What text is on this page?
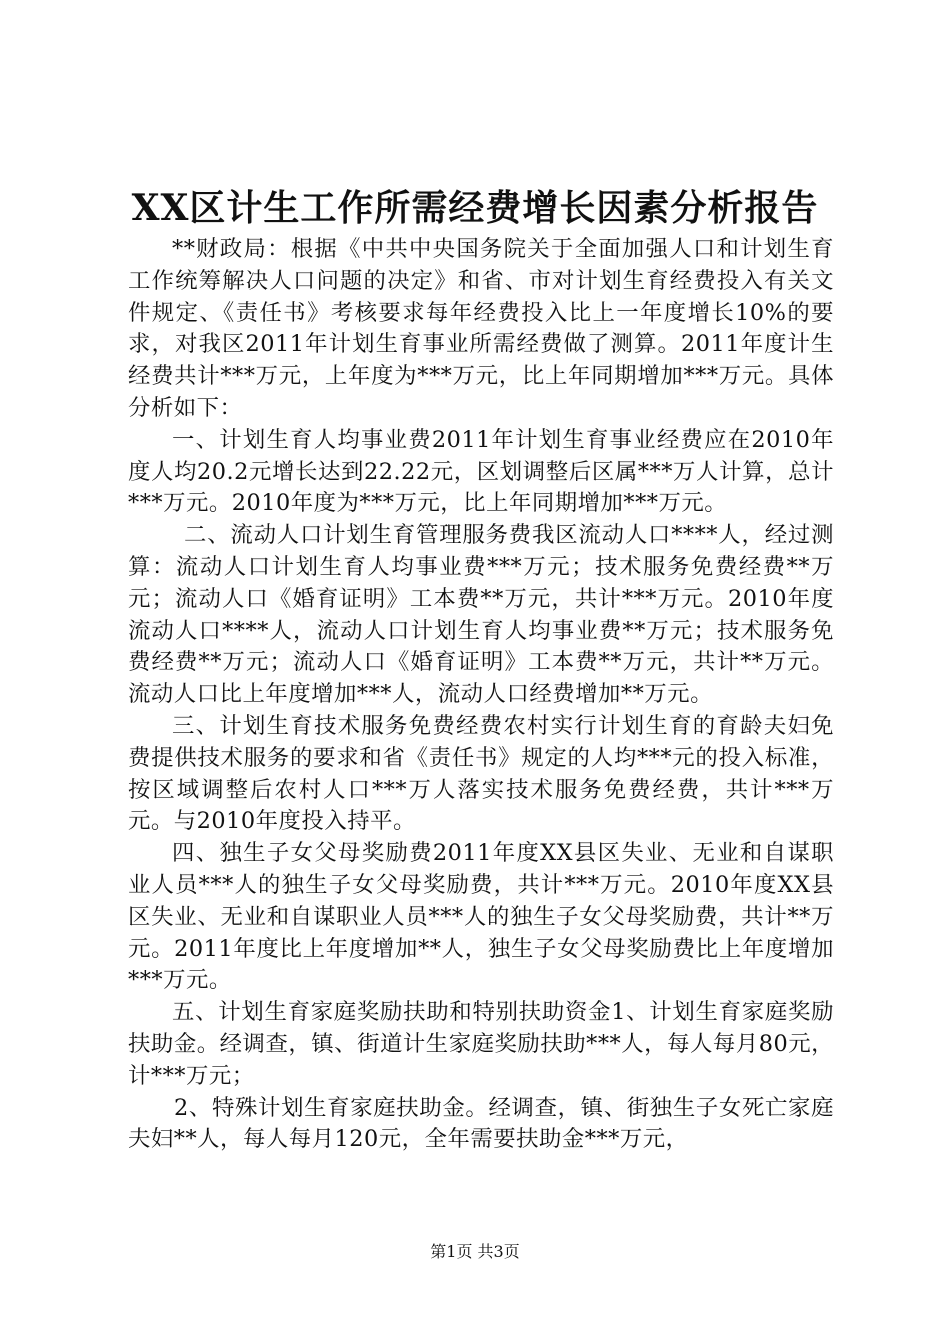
XX区计生工作所需经费增长因素分析报告

**财政局：根据《中共中央国务院关于全面加强人口和计划生育工作统筹解决人口问题的决定》和省、市对计划生育经费投入有关文件规定、《责任书》考核要求每年经费投入比上一年度增长10%的要求，对我区2011年计划生育事业所需经费做了测算。2011年度计生经费共计***万元，上年度为***万元，比上年同期增加***万元。具体分析如下：

一、计划生育人均事业费2011年计划生育事业经费应在2010年度人均20.2元增长达到22.22元，区划调整后区属***万人计算，总计***万元。2010年度为***万元，比上年同期增加***万元。

二、流动人口计划生育管理服务费我区流动人口****人，经过测算：流动人口计划生育人均事业费***万元；技术服务免费经费**万元；流动人口《婚育证明》工本费**万元，共计***万元。2010年度流动人口****人，流动人口计划生育人均事业费**万元；技术服务免费经费**万元；流动人口《婚育证明》工本费**万元，共计**万元。流动人口比上年度增加***人，流动人口经费增加**万元。

三、计划生育技术服务免费经费农村实行计划生育的育龄夫妇免费提供技术服务的要求和省《责任书》规定的人均***元的投入标准，按区域调整后农村人口***万人落实技术服务免费经费，共计***万元。与2010年度投入持平。

四、独生子女父母奖励费2011年度XX县区失业、无业和自谋职业人员***人的独生子女父母奖励费，共计***万元。2010年度XX县区失业、无业和自谋职业人员***人的独生子女父母奖励费，共计**万元。2011年度比上年度增加**人，独生子女父母奖励费比上年度增加***万元。

五、计划生育家庭奖励扶助和特别扶助资金1、计划生育家庭奖励扶助金。经调查，镇、街道计生家庭奖励扶助***人，每人每月80元，计***万元；

2、特殊计划生育家庭扶助金。经调查，镇、街独生子女死亡家庭夫妇**人，每人每月120元，全年需要扶助金***万元，

第1页 共3页
